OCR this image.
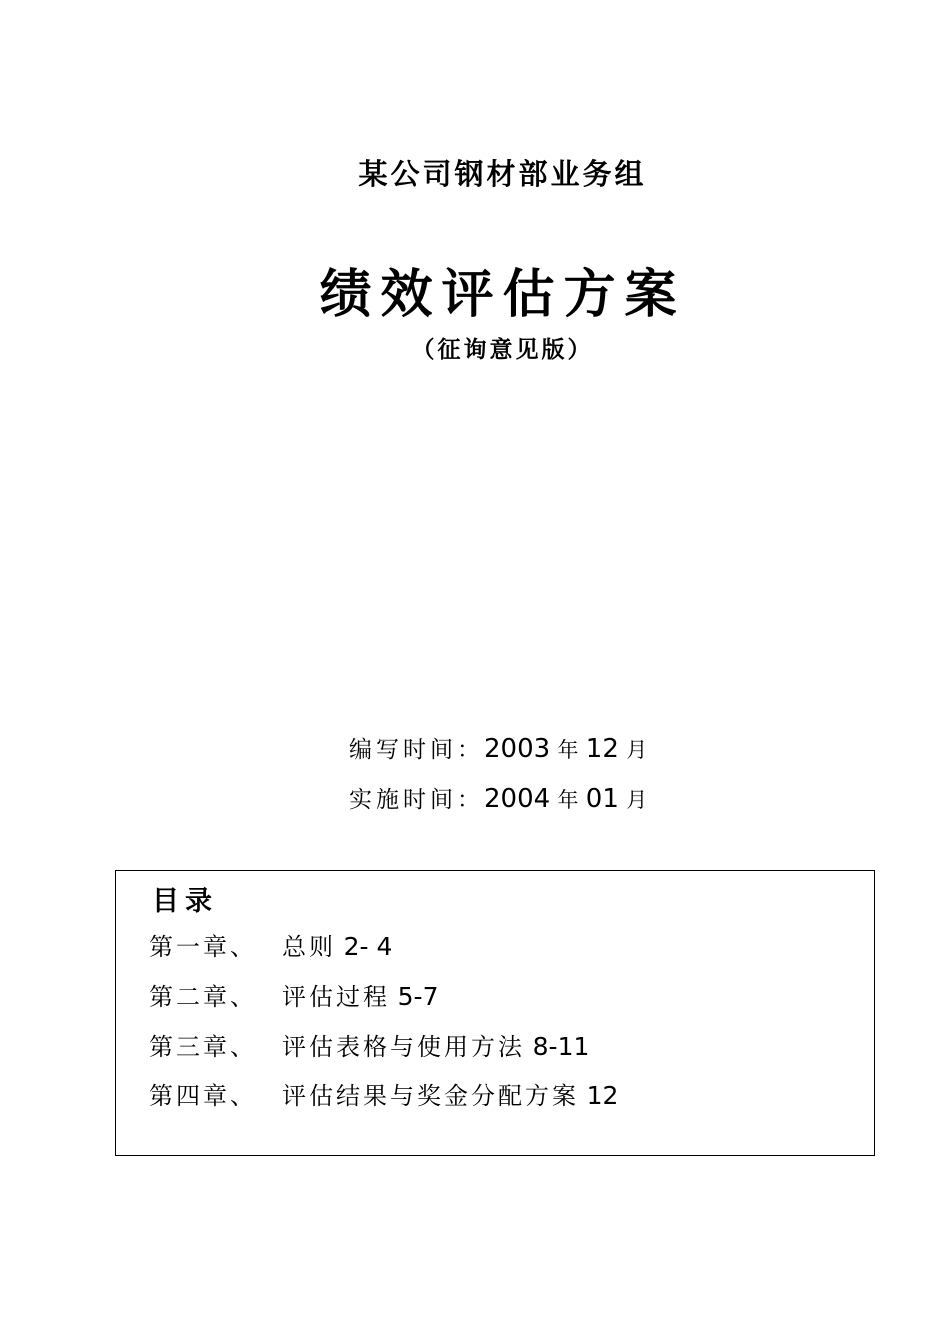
某公司钢材部业务组
绩效评估方案
（征询意见版）
编写时间：2003 年 12 月
实施时间：2004 年 01 月
目录
第一章、 总则 2- 4
第二章、 评估过程 5-7
第三章、 评估表格与使用方法 8-11
第四章、 评估结果与奖金分配方案 12
